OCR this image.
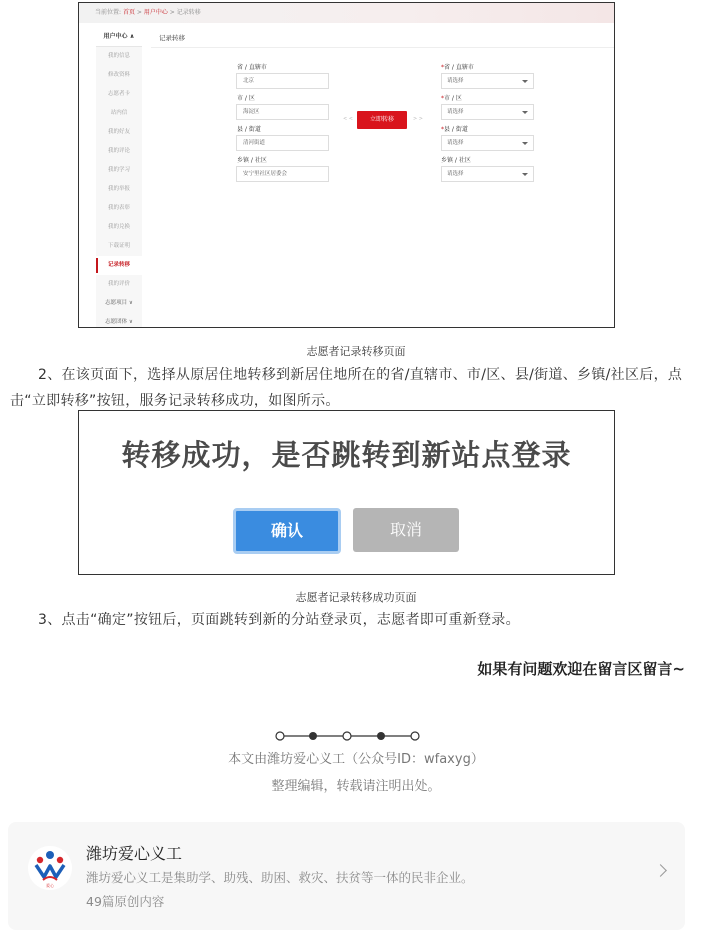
当前位置: 首页 > 用户中心 > 记录转移
用户中心 ∧
我的信息
修改资料
志愿者卡
站内信
我的好友
我的评论
我的学习
我的举报
我的表彰
我的兑换
下载证明
记录转移
我的评价
志愿项目 ∨
志愿团体 ∨
记录转移
省 / 直辖市
北京
市 / 区
海淀区
县 / 街道
清河街道
乡镇 / 社区
安宁里社区居委会
< <	立即转移	> >
*省 / 直辖市
请选择
*市 / 区
请选择
*县 / 街道
请选择
乡镇 / 社区
请选择
志愿者记录转移页面
2、在该页面下，选择从原居住地转移到新居住地所在的省/直辖市、市/区、县/街道、乡镇/社区后，点击“立即转移”按钮，服务记录转移成功，如图所示。
转移成功，是否跳转到新站点登录
确认	取消
志愿者记录转移成功页面
3、点击“确定”按钮后，页面跳转到新的分站登录页，志愿者即可重新登录。
如果有问题欢迎在留言区留言~
本文由潍坊爱心义工（公众号ID：wfaxyg）
整理编辑，转载请注明出处。
爱心
潍坊爱心义工
潍坊爱心义工是集助学、助残、助困、救灾、扶贫等一体的民非企业。
49篇原创内容
